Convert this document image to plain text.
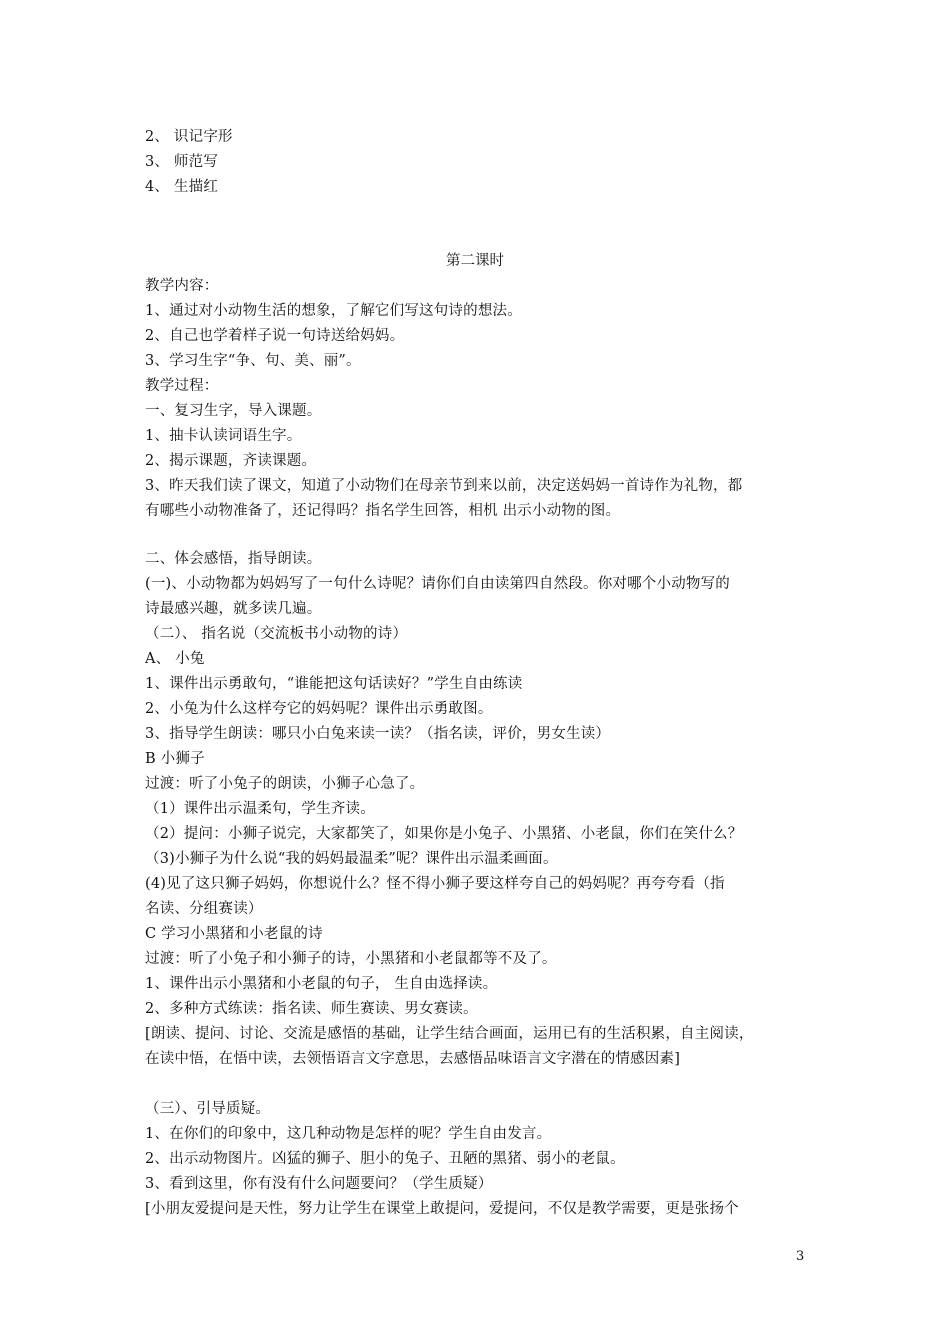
2、 识记字形
3、 师范写
4、 生描红
第二课时
教学内容：
1、通过对小动物生活的想象，了解它们写这句诗的想法。
2、自己也学着样子说一句诗送给妈妈。
3、学习生字“争、句、美、丽”。
教学过程：
一、复习生字，导入课题。
1、抽卡认读词语生字。
2、揭示课题，齐读课题。
3、昨天我们读了课文，知道了小动物们在母亲节到来以前，决定送妈妈一首诗作为礼物，都
有哪些小动物准备了，还记得吗？指名学生回答，相机 出示小动物的图。
二、体会感悟，指导朗读。
(一)、小动物都为妈妈写了一句什么诗呢？请你们自由读第四自然段。你对哪个小动物写的
诗最感兴趣，就多读几遍。
（二）、 指名说（交流板书小动物的诗）
A、 小兔
1、课件出示勇敢句，“谁能把这句话读好？”学生自由练读
2、小兔为什么这样夸它的妈妈呢？课件出示勇敢图。
3、指导学生朗读：哪只小白兔来读一读？（指名读，评价，男女生读）
B 小狮子
过渡：听了小兔子的朗读，小狮子心急了。
（1）课件出示温柔句，学生齐读。
（2）提问：小狮子说完，大家都笑了，如果你是小兔子、小黑猪、小老鼠，你们在笑什么？
（3)小狮子为什么说“我的妈妈最温柔”呢？课件出示温柔画面。
(4)见了这只狮子妈妈，你想说什么？怪不得小狮子要这样夸自己的妈妈呢？再夸夸看（指
名读、分组赛读）
C 学习小黑猪和小老鼠的诗
过渡：听了小兔子和小狮子的诗，小黑猪和小老鼠都等不及了。
1、课件出示小黑猪和小老鼠的句子， 生自由选择读。
2、多种方式练读：指名读、师生赛读、男女赛读。
[朗读、提问、讨论、交流是感悟的基础，让学生结合画面，运用已有的生活积累，自主阅读，
在读中悟，在悟中读，去领悟语言文字意思，去感悟品味语言文字潜在的情感因素]
（三）、引导质疑。
1、在你们的印象中，这几种动物是怎样的呢？学生自由发言。
2、出示动物图片。凶猛的狮子、胆小的兔子、丑陋的黑猪、弱小的老鼠。
3、看到这里，你有没有什么问题要问？（学生质疑）
[小朋友爱提问是天性，努力让学生在课堂上敢提问，爱提问，不仅是教学需要，更是张扬个
3
